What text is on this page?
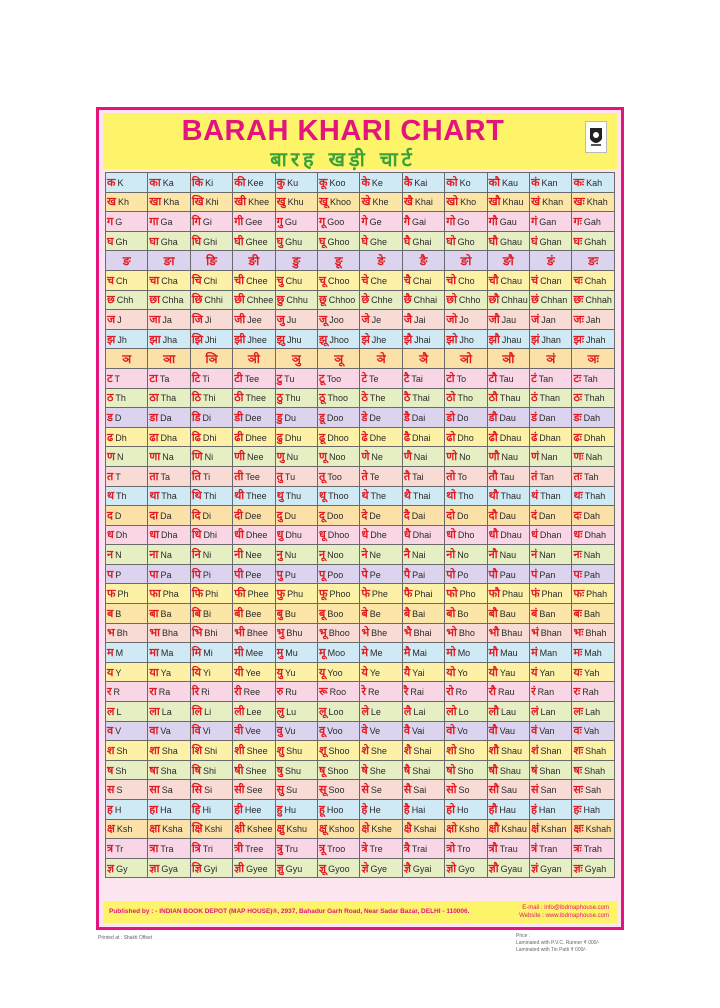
BARAH KHARI CHART
बारह खड़ी चार्ट
क K	का Ka	कि Ki	की Kee	कु Ku	कू Koo	के Ke	कै Kai	को Ko	कौ Kau	कं Kan	कः Kah
ख Kh	खा Kha	खि Khi	खी Khee	खु Khu	खू Khoo	खे Khe	खै Khai	खो Kho	खौ Khau	खं Khan	खः Khah
ग G	गा Ga	गि Gi	गी Gee	गु Gu	गू Goo	गे Ge	गै Gai	गो Go	गौ Gau	गं Gan	गः Gah
घ Gh	घा Gha	घि Ghi	घी Ghee	घु Ghu	घू Ghoo	घे Ghe	घै Ghai	घो Gho	घौ Ghau	घं Ghan	घः Ghah
ङ	ङा	ङि	ङी	ङु	ङू	ङे	ङै	ङो	ङौ	ङं	ङः
च Ch	चा Cha	चि Chi	ची Chee	चु Chu	चू Choo	चे Che	चै Chai	चो Cho	चौ Chau	चं Chan	चः Chah
छ Chh	छा Chha	छि Chhi	छी Chhee	छु Chhu	छू Chhoo	छे Chhe	छै Chhai	छो Chho	छौ Chhau	छं Chhan	छः Chhah
ज J	जा Ja	जि Ji	जी Jee	जु Ju	जू Joo	जे Je	जै Jai	जो Jo	जौ Jau	जं Jan	जः Jah
झ Jh	झा Jha	झि Jhi	झी Jhee	झु Jhu	झू Jhoo	झे Jhe	झै Jhai	झो Jho	झौ Jhau	झं Jhan	झः Jhah
ञ	ञा	ञि	ञी	ञु	ञू	ञे	ञै	ञो	ञौ	ञं	ञः
ट T	टा Ta	टि Ti	टी Tee	टु Tu	टू Too	टे Te	टै Tai	टो To	टौ Tau	टं Tan	टः Tah
ठ Th	ठा Tha	ठि Thi	ठी Thee	ठु Thu	ठू Thoo	ठे The	ठै Thai	ठो Tho	ठौ Thau	ठं Than	ठः Thah
ड D	डा Da	डि Di	डी Dee	डु Du	डू Doo	डे De	डै Dai	डो Do	डौ Dau	डं Dan	डः Dah
ढ Dh	ढा Dha	ढि Dhi	ढी Dhee	ढु Dhu	ढू Dhoo	ढे Dhe	ढै Dhai	ढो Dho	ढौ Dhau	ढं Dhan	ढः Dhah
ण N	णा Na	णि Ni	णी Nee	णु Nu	णू Noo	णे Ne	णै Nai	णो No	णौ Nau	णं Nan	णः Nah
त T	ता Ta	ति Ti	ती Tee	तु Tu	तू Too	ते Te	तै Tai	तो To	तौ Tau	तं Tan	तः Tah
थ Th	था Tha	थि Thi	थी Thee	थु Thu	थू Thoo	थे The	थै Thai	थो Tho	थौ Thau	थं Than	थः Thah
द D	दा Da	दि Di	दी Dee	दु Du	दू Doo	दे De	दै Dai	दो Do	दौ Dau	दं Dan	दः Dah
ध Dh	धा Dha	धि Dhi	धी Dhee	धु Dhu	धू Dhoo	धे Dhe	धै Dhai	धो Dho	धौ Dhau	धं Dhan	धः Dhah
न N	ना Na	नि Ni	नी Nee	नु Nu	नू Noo	ने Ne	नै Nai	नो No	नौ Nau	नं Nan	नः Nah
प P	पा Pa	पि Pi	पी Pee	पु Pu	पू Poo	पे Pe	पै Pai	पो Po	पौ Pau	पं Pan	पः Pah
फ Ph	फा Pha	फि Phi	फी Phee	फु Phu	फू Phoo	फे Phe	फै Phai	फो Pho	फौ Phau	फं Phan	फः Phah
ब B	बा Ba	बि Bi	बी Bee	बु Bu	बू Boo	बे Be	बै Bai	बो Bo	बौ Bau	बं Ban	बः Bah
भ Bh	भा Bha	भि Bhi	भी Bhee	भु Bhu	भू Bhoo	भे Bhe	भै Bhai	भो Bho	भौ Bhau	भं Bhan	भः Bhah
म M	मा Ma	मि Mi	मी Mee	मु Mu	मू Moo	मे Me	मै Mai	मो Mo	मौ Mau	मं Man	मः Mah
य Y	या Ya	यि Yi	यी Yee	यु Yu	यू Yoo	ये Ye	यै Yai	यो Yo	यौ Yau	यं Yan	यः Yah
र R	रा Ra	रि Ri	री Ree	रु Ru	रू Roo	रे Re	रै Rai	रो Ro	रौ Rau	रं Ran	रः Rah
ल L	ला La	लि Li	ली Lee	लु Lu	लू Loo	ले Le	लै Lai	लो Lo	लौ Lau	लं Lan	लः Lah
व V	वा Va	वि Vi	वी Vee	वु Vu	वू Voo	वे Ve	वै Vai	वो Vo	वौ Vau	वं Van	वः Vah
श Sh	शा Sha	शि Shi	शी Shee	शु Shu	शू Shoo	शे She	शै Shai	शो Sho	शौ Shau	शं Shan	शः Shah
ष Sh	षा Sha	षि Shi	षी Shee	षु Shu	षू Shoo	षे She	षै Shai	षो Sho	षौ Shau	षं Shan	षः Shah
स S	सा Sa	सि Si	सी See	सु Su	सू Soo	से Se	सै Sai	सो So	सौ Sau	सं San	सः Sah
ह H	हा Ha	हि Hi	ही Hee	हु Hu	हू Hoo	हे He	है Hai	हो Ho	हौ Hau	हं Han	हः Hah
क्ष Ksh	क्षा Ksha	क्षि Kshi	क्षी Kshee	क्षु Kshu	क्षू Kshoo	क्षे Kshe	क्षै Kshai	क्षो Ksho	क्षौ Kshau	क्षं Kshan	क्षः Kshah
त्र Tr	त्रा Tra	त्रि Tri	त्री Tree	त्रु Tru	त्रू Troo	त्रे Tre	त्रै Trai	त्रो Tro	त्रौ Trau	त्रं Tran	त्रः Trah
ज्ञ Gy	ज्ञा Gya	ज्ञि Gyi	ज्ञी Gyee	ज्ञु Gyu	ज्ञू Gyoo	ज्ञे Gye	ज्ञै Gyai	ज्ञो Gyo	ज्ञौ Gyau	ज्ञं Gyan	ज्ञः Gyah
Published by : - INDIAN BOOK DEPOT (MAP HOUSE)®, 2937, Bahadur Garh Road, Near Sadar Bazar, DELHI - 110006.	E-mail : info@ibdmaphouse.com
Website : www.ibdmaphouse.com
Printed at : Shakti Offset	Price :
Laminated with P.V.C. Runner ₹ 000/-
Laminated with Tin Patti ₹ 000/-
